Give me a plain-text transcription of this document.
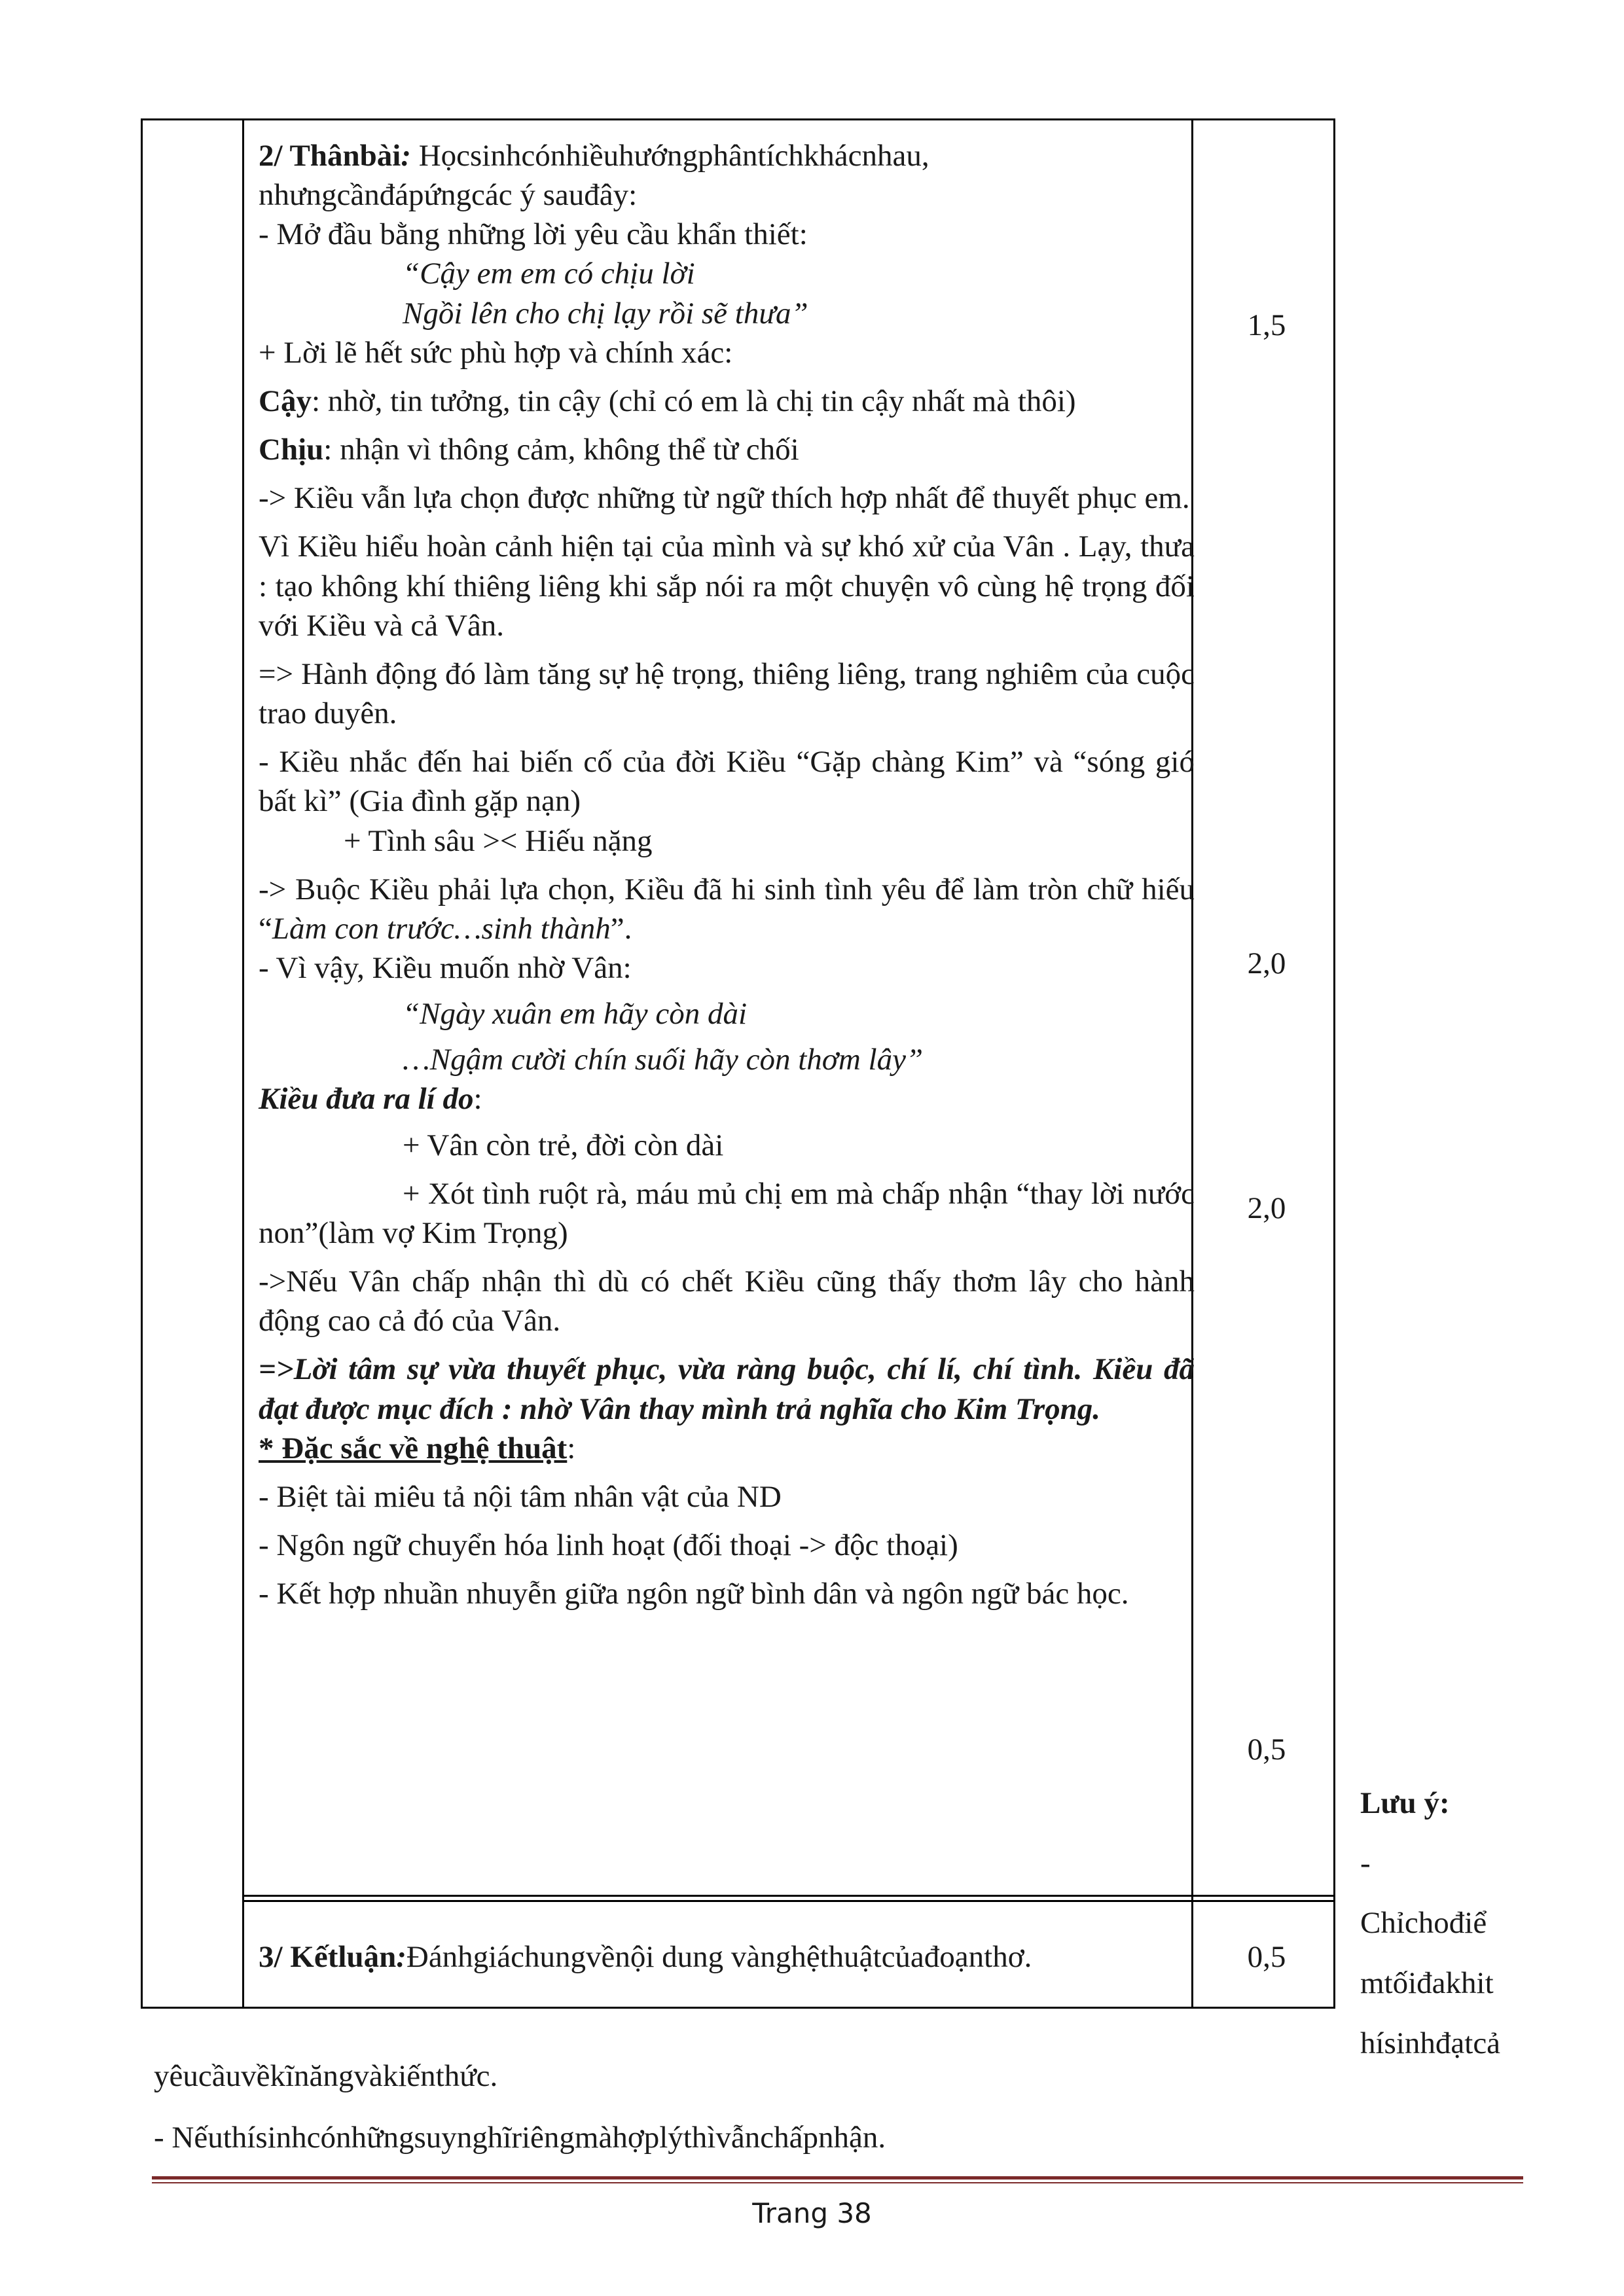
2/ Thânbài: Họcsinhcónhiềuhướngphântíchkhácnhau,

nhưngcầnđápứngcác ý sauđây:

- Mở đầu bằng những lời yêu cầu khẩn thiết:

“Cậy em em có chịu lời

Ngồi lên cho chị lạy rồi sẽ thưa”

+ Lời lẽ hết sức phù hợp và chính xác:

Cậy: nhờ, tin tưởng, tin cậy (chỉ có em là chị tin cậy nhất mà thôi)

Chịu: nhận vì thông cảm, không thể từ chối

-> Kiều vẫn lựa chọn được những từ ngữ thích hợp nhất để thuyết phục em.

Vì Kiều hiểu hoàn cảnh hiện tại của mình và sự khó xử của Vân . Lạy, thưa : tạo không khí thiêng liêng khi sắp nói ra một chuyện vô cùng hệ trọng đối với Kiều và cả Vân.

=> Hành động đó làm tăng sự hệ trọng, thiêng liêng, trang nghiêm của cuộc trao duyên.

- Kiều nhắc đến hai biến cố của đời Kiều “Gặp chàng Kim” và “sóng gió bất kì” (Gia đình gặp nạn)

+ Tình sâu >< Hiếu nặng

-> Buộc Kiều phải lựa chọn, Kiều đã hi sinh tình yêu để làm tròn chữ hiếu “Làm con trước…sinh thành”.

- Vì vậy, Kiều muốn nhờ Vân:

“Ngày xuân em hãy còn dài

…Ngậm cười chín suối hãy còn thơm lây”

Kiều đưa ra lí do:

+ Vân còn trẻ, đời còn dài

+ Xót tình ruột rà, máu mủ chị em mà chấp nhận “thay lời nước non”(làm vợ Kim Trọng)

->Nếu Vân chấp nhận thì dù có chết Kiều cũng thấy thơm lây cho hành động cao cả đó của Vân.

=>Lời tâm sự vừa thuyết phục, vừa ràng buộc, chí lí, chí tình. Kiều đã đạt được mục đích : nhờ Vân thay mình trả nghĩa cho Kim Trọng.

* Đặc sắc về nghệ thuật:

- Biệt tài miêu tả nội tâm nhân vật của ND

- Ngôn ngữ chuyển hóa linh hoạt (đối thoại -> độc thoại)

- Kết hợp nhuần nhuyễn giữa ngôn ngữ bình dân và ngôn ngữ bác học.

3/ Kếtluận:Đánhgiáchungvềnội dung vànghệthuậtcủađoạnthơ.
1,5
2,0
2,0
0,5
0,5
Lưu ý:
-
Chỉchođiể
mtốiđakhit
hísinhđạtcả
yêucầuvềkĩnăngvàkiếnthức.
- Nếuthísinhcónhữngsuynghĩriêngmàhợplýthìvẫnchấpnhận.
Trang 38
